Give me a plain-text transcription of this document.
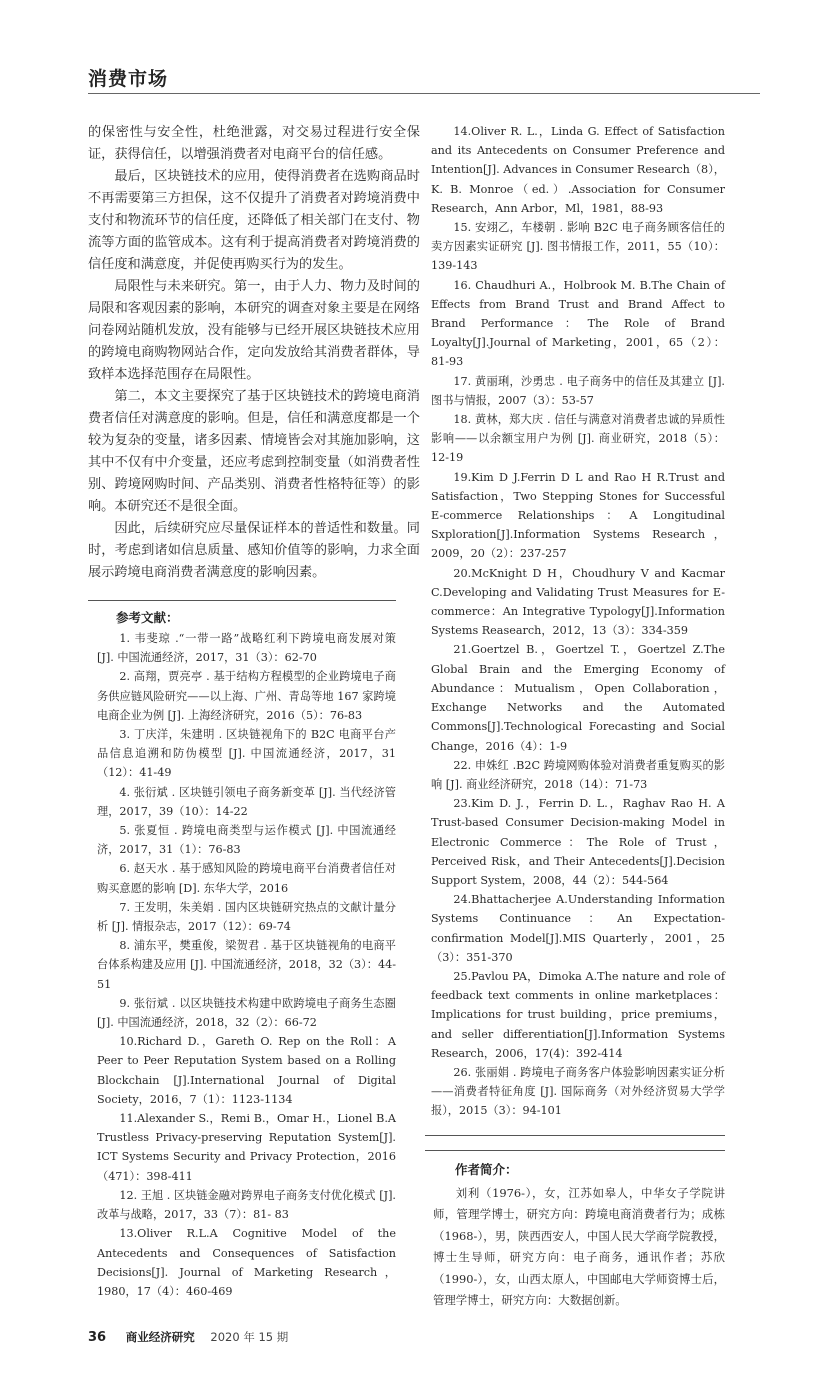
消费市场

的保密性与安全性，杜绝泄露，对交易过程进行安全保证，获得信任，以增强消费者对电商平台的信任感。

最后，区块链技术的应用，使得消费者在选购商品时不再需要第三方担保，这不仅提升了消费者对跨境消费中支付和物流环节的信任度，还降低了相关部门在支付、物流等方面的监管成本。这有利于提高消费者对跨境消费的信任度和满意度，并促使再购买行为的发生。

局限性与未来研究。第一，由于人力、物力及时间的局限和客观因素的影响，本研究的调查对象主要是在网络问卷网站随机发放，没有能够与已经开展区块链技术应用的跨境电商购物网站合作，定向发放给其消费者群体，导致样本选择范围存在局限性。

第二，本文主要探究了基于区块链技术的跨境电商消费者信任对满意度的影响。但是，信任和满意度都是一个较为复杂的变量，诸多因素、情境皆会对其施加影响，这其中不仅有中介变量，还应考虑到控制变量（如消费者性别、跨境网购时间、产品类别、消费者性格特征等）的影响。本研究还不是很全面。

因此，后续研究应尽量保证样本的普适性和数量。同时，考虑到诸如信息质量、感知价值等的影响，力求全面展示跨境电商消费者满意度的影响因素。

参考文献：

1. 韦斐琼 .“一带一路”战略红利下跨境电商发展对策 [J]. 中国流通经济，2017，31（3）：62-70

2. 高翔，贾亮亭 . 基于结构方程模型的企业跨境电子商务供应链风险研究——以上海、广州、青岛等地 167 家跨境电商企业为例 [J]. 上海经济研究，2016（5）：76-83

3. 丁庆洋，朱建明 . 区块链视角下的 B2C 电商平台产品信息追溯和防伪模型 [J]. 中国流通经济，2017，31（12）：41-49

4. 张衍斌 . 区块链引领电子商务新变革 [J]. 当代经济管理，2017，39（10）：14-22

5. 张夏恒 . 跨境电商类型与运作模式 [J]. 中国流通经济，2017，31（1）：76-83

6. 赵天水 . 基于感知风险的跨境电商平台消费者信任对购买意愿的影响 [D]. 东华大学，2016

7. 王发明，朱美娟 . 国内区块链研究热点的文献计量分析 [J]. 情报杂志，2017（12）：69-74

8. 浦东平，樊重俊，梁贺君 . 基于区块链视角的电商平台体系构建及应用 [J]. 中国流通经济，2018，32（3）：44-51

9. 张衍斌 . 以区块链技术构建中欧跨境电子商务生态圈 [J]. 中国流通经济，2018，32（2）：66-72

10.Richard D.，Gareth O. Rep on the Roll：A Peer to Peer Reputation System based on a Rolling Blockchain [J].International Journal of Digital Society，2016，7（1）：1123-1134

11.Alexander S.，Remi B.，Omar H.，Lionel B.A Trustless Privacy-preserving Reputation System[J]. ICT Systems Security and Privacy Protection，2016（471）：398-411

12. 王旭 . 区块链金融对跨界电子商务支付优化模式 [J]. 改革与战略，2017，33（7）：81- 83

13.Oliver R.L.A Cognitive Model of the Antecedents and Consequences of Satisfaction Decisions[J]. Journal of Marketing Research，1980，17（4）：460-469

14.Oliver R. L.，Linda G. Effect of Satisfaction and its Antecedents on Consumer Preference and Intention[J]. Advances in Consumer Research（8），K. B. Monroe（ed.）.Association for Consumer Research，Ann Arbor，Ml，1981，88-93

15. 安翊乙，车楼朝 . 影响 B2C 电子商务顾客信任的卖方因素实证研究 [J]. 图书情报工作，2011，55（10）：139-143

16. Chaudhuri A.，Holbrook M. B.The Chain of Effects from Brand Trust and Brand Affect to Brand Performance：The Role of Brand Loyalty[J].Journal of Marketing，2001，65（2）：81-93

17. 黄丽琍，沙勇忠 . 电子商务中的信任及其建立 [J]. 图书与情报，2007（3）：53-57

18. 黄林，郑大庆 . 信任与满意对消费者忠诚的异质性影响——以余额宝用户为例 [J]. 商业研究，2018（5）：12-19

19.Kim D J.Ferrin D L and Rao H R.Trust and Satisfaction，Two Stepping Stones for Successful E-commerce Relationships：A Longitudinal Sxploration[J].Information Systems Research，2009，20（2）：237-257

20.McKnight D H，Choudhury V and Kacmar C.Developing and Validating Trust Measures for E-commerce：An Integrative Typology[J].Information Systems Reasearch，2012，13（3）：334-359

21.Goertzel B.，Goertzel T.，Goertzel Z.The Global Brain and the Emerging Economy of Abundance：Mutualism，Open Collaboration，Exchange Networks and the Automated Commons[J].Technological Forecasting and Social Change，2016（4）：1-9

22. 申姝红 .B2C 跨境网购体验对消费者重复购买的影响 [J]. 商业经济研究，2018（14）：71-73

23.Kim D. J.，Ferrin D. L.，Raghav Rao H. A Trust-based Consumer Decision-making Model in Electronic Commerce：The Role of Trust，Perceived Risk，and Their Antecedents[J].Decision Support System，2008，44（2）：544-564

24.Bhattacherjee A.Understanding Information Systems Continuance：An Expectation-confirmation Model[J].MIS Quarterly，2001，25（3）：351-370

25.Pavlou PA，Dimoka A.The nature and role of feedback text comments in online marketplaces：Implications for trust building，price premiums，and seller differentiation[J].Information Systems Research，2006，17(4)：392-414

26. 张丽娟 . 跨境电子商务客户体验影响因素实证分析——消费者特征角度 [J]. 国际商务（对外经济贸易大学学报），2015（3）：94-101

作者简介：

刘利（1976-），女，江苏如皋人，中华女子学院讲师，管理学博士，研究方向：跨境电商消费者行为；成栋（1968-），男，陕西西安人，中国人民大学商学院教授，博士生导师，研究方向：电子商务，通讯作者；苏欣（1990-），女，山西太原人，中国邮电大学师资博士后，管理学博士，研究方向：大数据创新。

36 商业经济研究 2020 年 15 期
